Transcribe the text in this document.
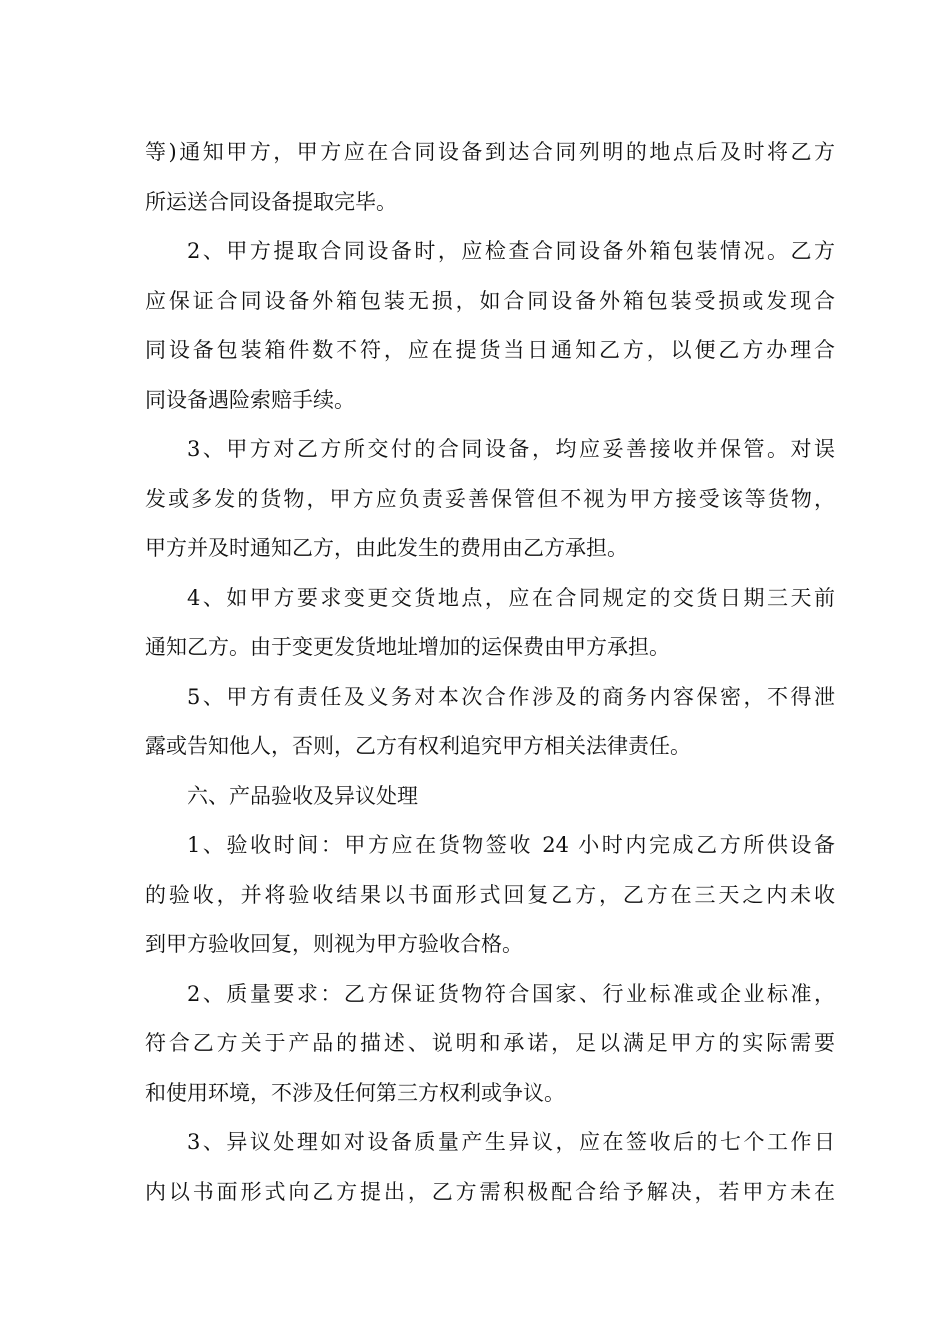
等)通知甲方，甲方应在合同设备到达合同列明的地点后及时将乙方
所运送合同设备提取完毕。
2、甲方提取合同设备时，应检查合同设备外箱包装情况。乙方
应保证合同设备外箱包装无损，如合同设备外箱包装受损或发现合
同设备包装箱件数不符，应在提货当日通知乙方，以便乙方办理合
同设备遇险索赔手续。
3、甲方对乙方所交付的合同设备，均应妥善接收并保管。对误
发或多发的货物，甲方应负责妥善保管但不视为甲方接受该等货物，
甲方并及时通知乙方，由此发生的费用由乙方承担。
4、如甲方要求变更交货地点，应在合同规定的交货日期三天前
通知乙方。由于变更发货地址增加的运保费由甲方承担。
5、甲方有责任及义务对本次合作涉及的商务内容保密，不得泄
露或告知他人，否则，乙方有权利追究甲方相关法律责任。
六、产品验收及异议处理
1、验收时间：甲方应在货物签收 24 小时内完成乙方所供设备
的验收，并将验收结果以书面形式回复乙方，乙方在三天之内未收
到甲方验收回复，则视为甲方验收合格。
2、质量要求：乙方保证货物符合国家、行业标准或企业标准，
符合乙方关于产品的描述、说明和承诺，足以满足甲方的实际需要
和使用环境，不涉及任何第三方权利或争议。
3、异议处理如对设备质量产生异议，应在签收后的七个工作日
内以书面形式向乙方提出，乙方需积极配合给予解决，若甲方未在
